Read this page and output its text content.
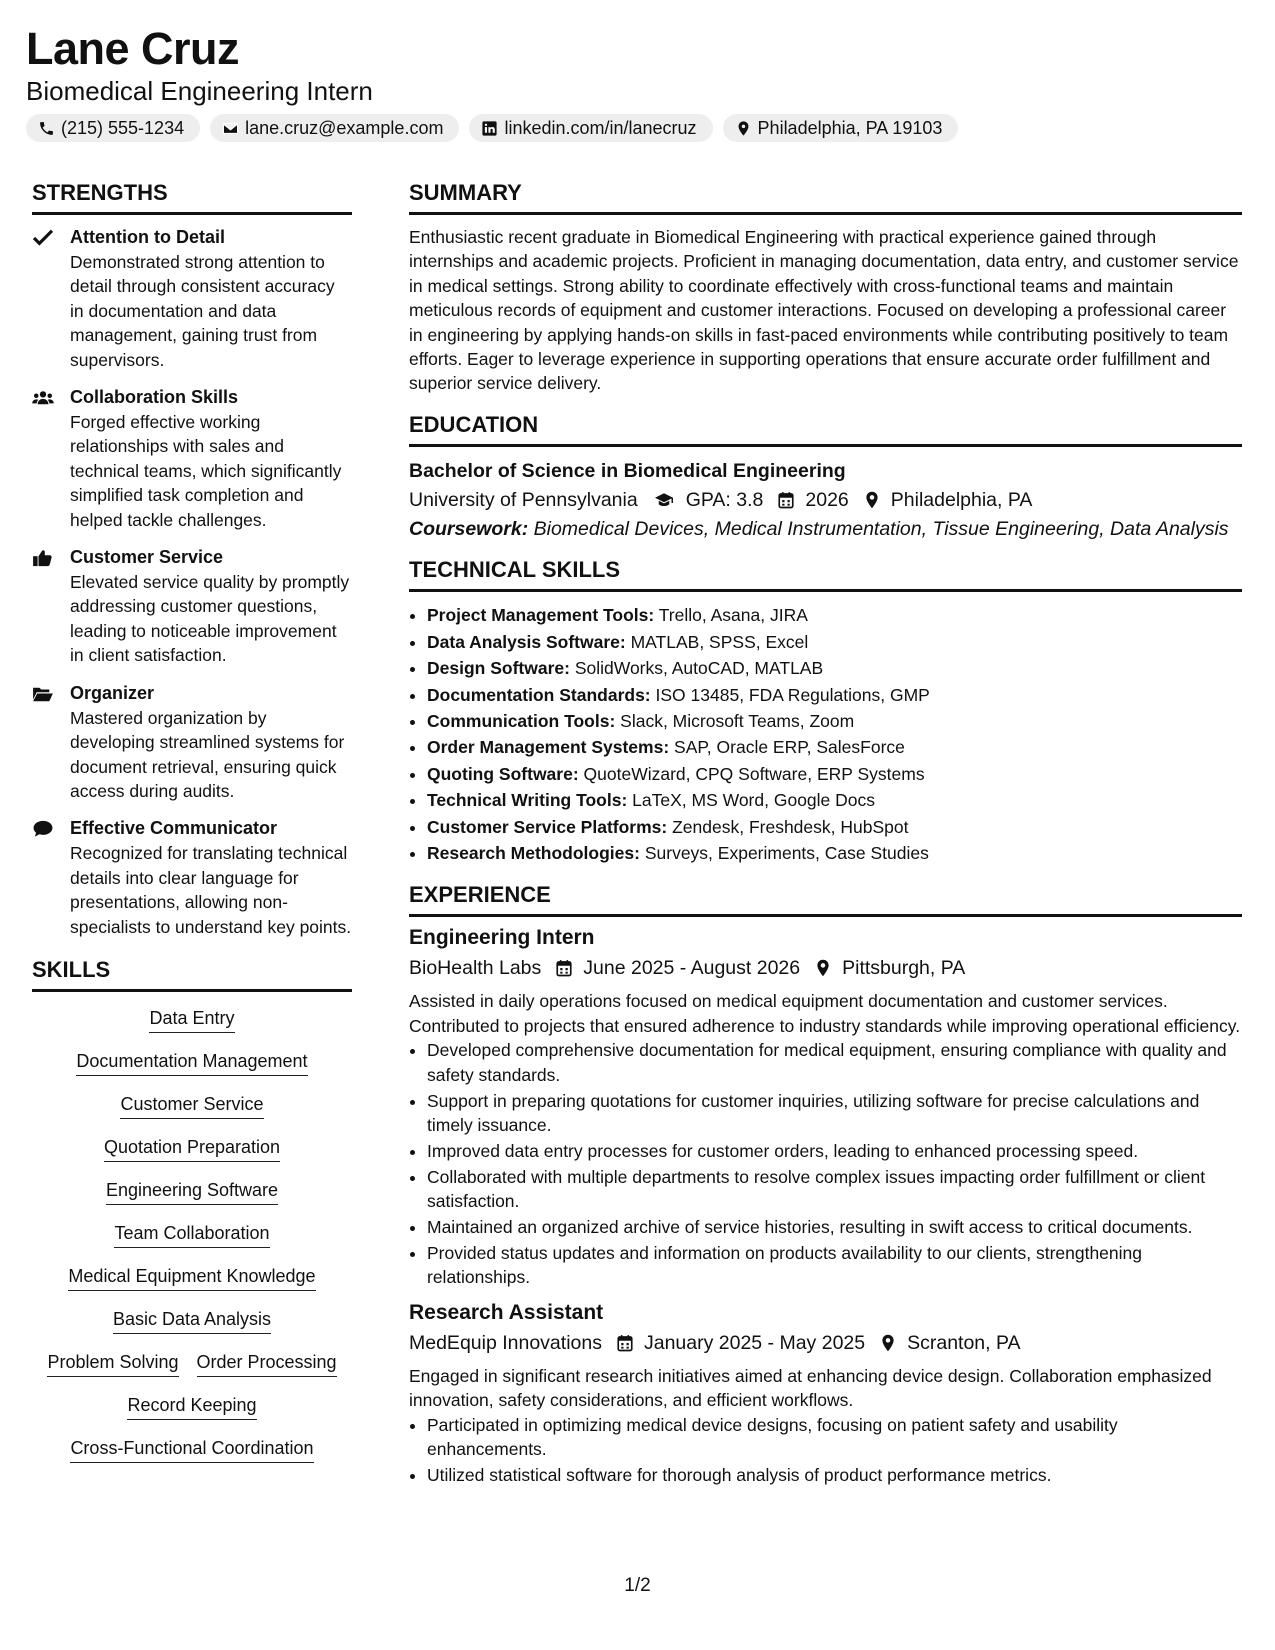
Lane Cruz
Biomedical Engineering Intern
(215) 555-1234	lane.cruz@example.com	linkedin.com/in/lanecruz	Philadelphia, PA 19103
STRENGTHS
Attention to Detail
Demonstrated strong attention to detail through consistent accuracy in documentation and data management, gaining trust from supervisors.
Collaboration Skills
Forged effective working relationships with sales and technical teams, which significantly simplified task completion and helped tackle challenges.
Customer Service
Elevated service quality by promptly addressing customer questions, leading to noticeable improvement in client satisfaction.
Organizer
Mastered organization by developing streamlined systems for document retrieval, ensuring quick access during audits.
Effective Communicator
Recognized for translating technical details into clear language for presentations, allowing non-specialists to understand key points.
SKILLS
Data Entry
Documentation Management
Customer Service
Quotation Preparation
Engineering Software
Team Collaboration
Medical Equipment Knowledge
Basic Data Analysis
Problem Solving Order Processing
Record Keeping
Cross-Functional Coordination
SUMMARY
Enthusiastic recent graduate in Biomedical Engineering with practical experience gained through internships and academic projects. Proficient in managing documentation, data entry, and customer service in medical settings. Strong ability to coordinate effectively with cross-functional teams and maintain meticulous records of equipment and customer interactions. Focused on developing a professional career in engineering by applying hands-on skills in fast-paced environments while contributing positively to team efforts. Eager to leverage experience in supporting operations that ensure accurate order fulfillment and superior service delivery.
EDUCATION
Bachelor of Science in Biomedical Engineering
University of Pennsylvania GPA: 3.8 2026 Philadelphia, PA
Coursework: Biomedical Devices, Medical Instrumentation, Tissue Engineering, Data Analysis
TECHNICAL SKILLS
• Project Management Tools: Trello, Asana, JIRA
• Data Analysis Software: MATLAB, SPSS, Excel
• Design Software: SolidWorks, AutoCAD, MATLAB
• Documentation Standards: ISO 13485, FDA Regulations, GMP
• Communication Tools: Slack, Microsoft Teams, Zoom
• Order Management Systems: SAP, Oracle ERP, SalesForce
• Quoting Software: QuoteWizard, CPQ Software, ERP Systems
• Technical Writing Tools: LaTeX, MS Word, Google Docs
• Customer Service Platforms: Zendesk, Freshdesk, HubSpot
• Research Methodologies: Surveys, Experiments, Case Studies
EXPERIENCE
Engineering Intern
BioHealth Labs June 2025 - August 2026 Pittsburgh, PA
Assisted in daily operations focused on medical equipment documentation and customer services. Contributed to projects that ensured adherence to industry standards while improving operational efficiency.
• Developed comprehensive documentation for medical equipment, ensuring compliance with quality and safety standards.
• Support in preparing quotations for customer inquiries, utilizing software for precise calculations and timely issuance.
• Improved data entry processes for customer orders, leading to enhanced processing speed.
• Collaborated with multiple departments to resolve complex issues impacting order fulfillment or client satisfaction.
• Maintained an organized archive of service histories, resulting in swift access to critical documents.
• Provided status updates and information on products availability to our clients, strengthening relationships.
Research Assistant
MedEquip Innovations January 2025 - May 2025 Scranton, PA
Engaged in significant research initiatives aimed at enhancing device design. Collaboration emphasized innovation, safety considerations, and efficient workflows.
• Participated in optimizing medical device designs, focusing on patient safety and usability enhancements.
• Utilized statistical software for thorough analysis of product performance metrics.
1/2
